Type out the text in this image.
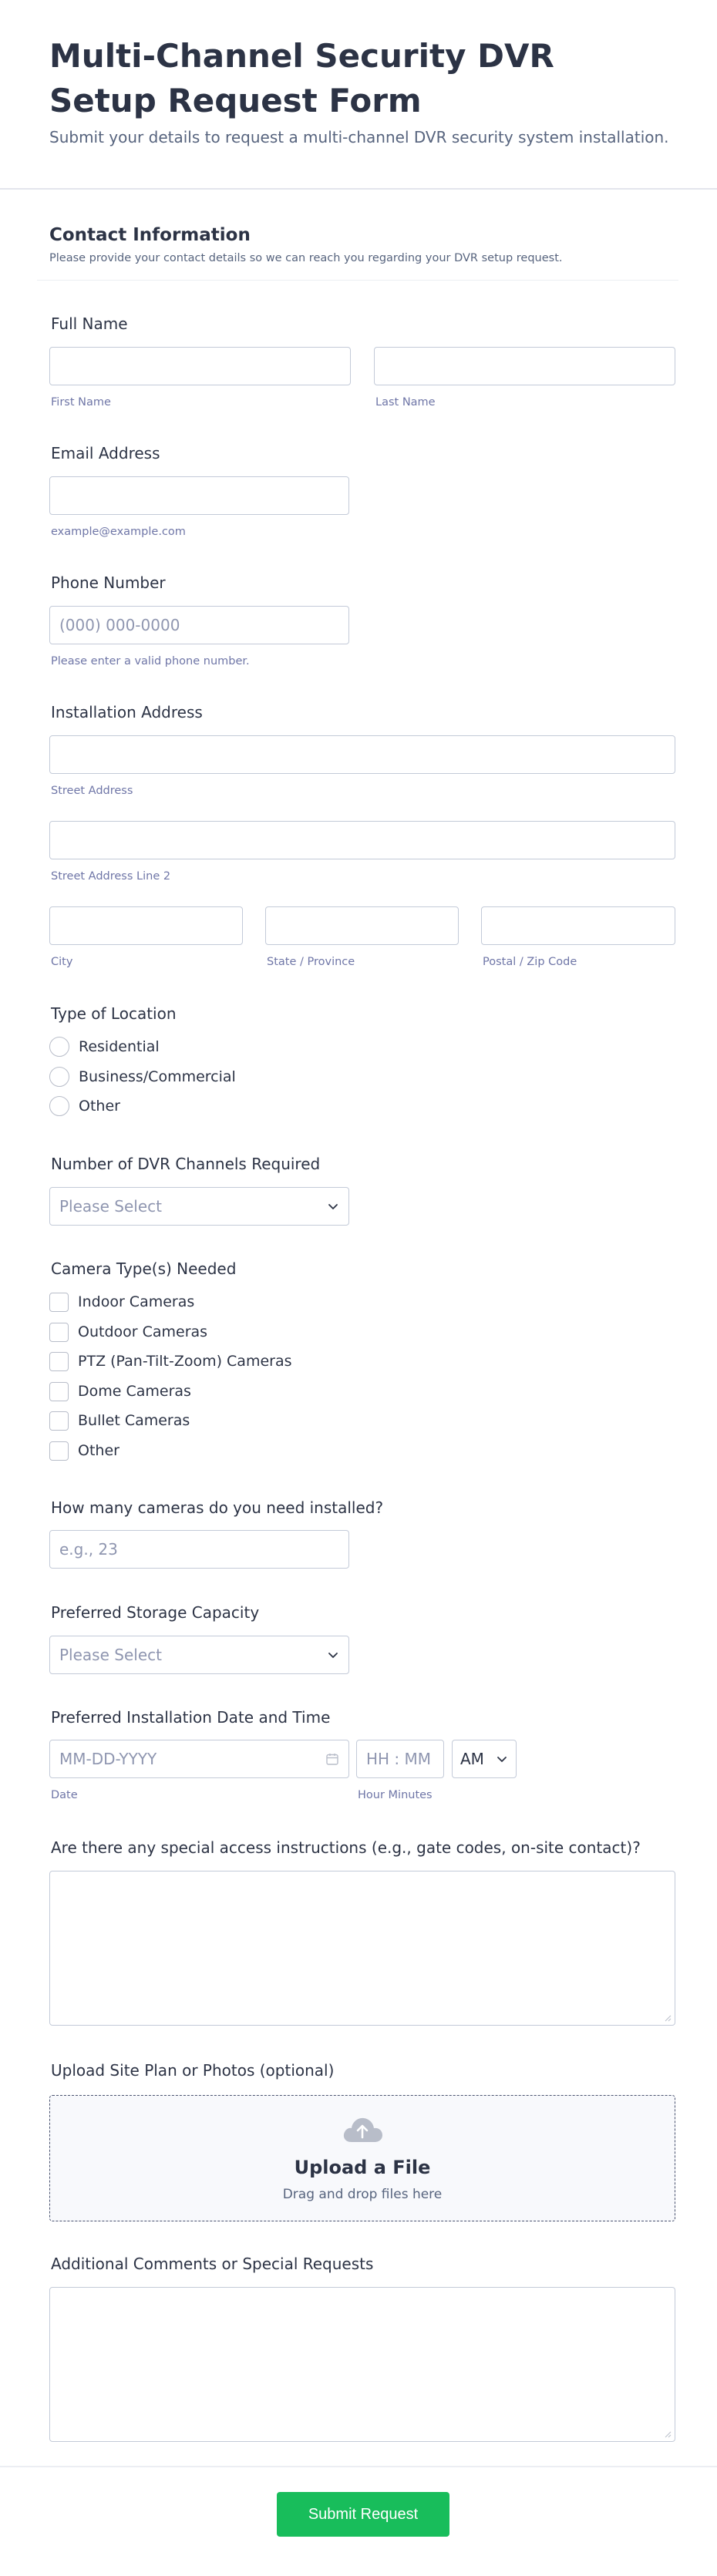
Multi-Channel Security DVR Setup Request Form
Submit your details to request a multi-channel DVR security system installation.
Contact Information

Please provide your contact details so we can reach you regarding your DVR setup request.

Full Name
First Name	Last Name
Email Address
example@example.com
Phone Number
(000) 000-0000
Please enter a valid phone number.
Installation Address
Street Address
Street Address Line 2
City	State / Province	Postal / Zip Code
Type of Location
Residential
Business/Commercial
Other
Number of DVR Channels Required
Please Select
Camera Type(s) Needed
Indoor Cameras
Outdoor Cameras
PTZ (Pan-Tilt-Zoom) Cameras
Dome Cameras
Bullet Cameras
Other
How many cameras do you need installed?
e.g., 23
Preferred Storage Capacity
Please Select
Preferred Installation Date and Time
MM-DD-YYYY	HH : MM AM
Date	Hour Minutes
Are there any special access instructions (e.g., gate codes, on-site contact)?
Upload Site Plan or Photos (optional)
Upload a File
Drag and drop files here
Additional Comments or Special Requests
Submit Request
